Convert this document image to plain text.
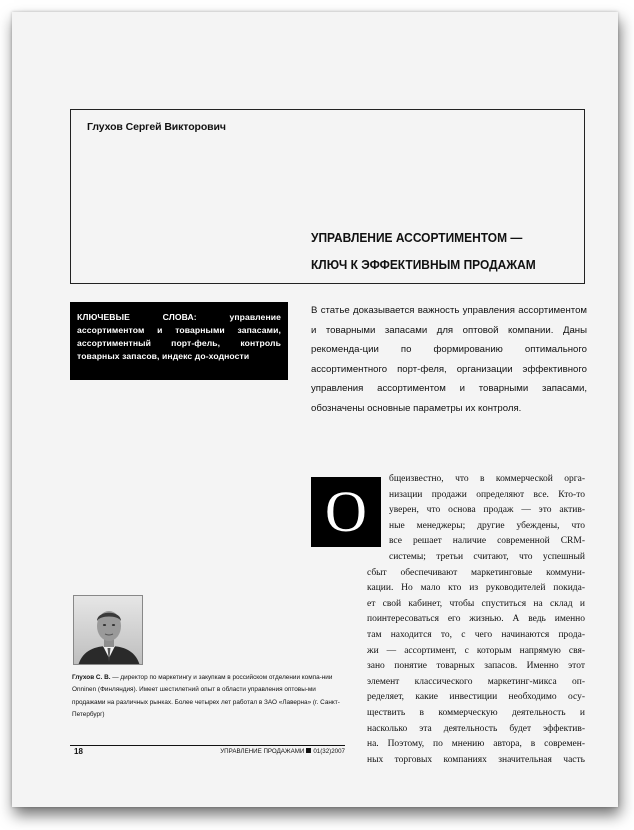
Глухов Сергей Викторович
УПРАВЛЕНИЕ АССОРТИМЕНТОМ —
КЛЮЧ К ЭФФЕКТИВНЫМ ПРОДАЖАМ
КЛЮЧЕВЫЕ СЛОВА: управление ассортиментом и товарными запасами, ассортиментный порт-фель, контроль товарных запасов, индекс до-ходности
В статье доказывается важность управления ассортиментом и товарными запасами для оптовой компании. Даны рекоменда-ции по формированию оптимального ассортиментного порт-феля, организации эффективного управления ассортиментом и товарными запасами, обозначены основные параметры их контроля.
О	бщеизвестно, что в коммерческой орга-
низации продажи определяют все. Кто-то
уверен, что основа продаж — это актив-
ные менеджеры; другие убеждены, что
все решает наличие современной CRM-
системы; третьи считают, что успешный
сбыт обеспечивают маркетинговые коммуни-
кации. Но мало кто из руководителей покида-
ет свой кабинет, чтобы спуститься на склад и
поинтересоваться его жизнью. А ведь именно
там находится то, с чего начинаются прода-
жи — ассортимент, с которым напрямую свя-
зано понятие товарных запасов. Именно этот
элемент классического маркетинг-микса оп-
ределяет, какие инвестиции необходимо осу-
ществить в коммерческую деятельность и
насколько эта деятельность будет эффектив-
на. Поэтому, по мнению автора, в современ-
ных торговых компаниях значительная часть
Глухов С. В. — директор по маркетингу и закупкам в российском отделении компа-нии Onninen (Финляндия). Имеет шестилетний опыт в области управления оптовы-ми продажами на различных рынках. Более четырех лет работал в ЗАО «Лаверна» (г. Санкт-Петербург)
18	УПРАВЛЕНИЕ ПРОДАЖАМИ 01(32)2007
